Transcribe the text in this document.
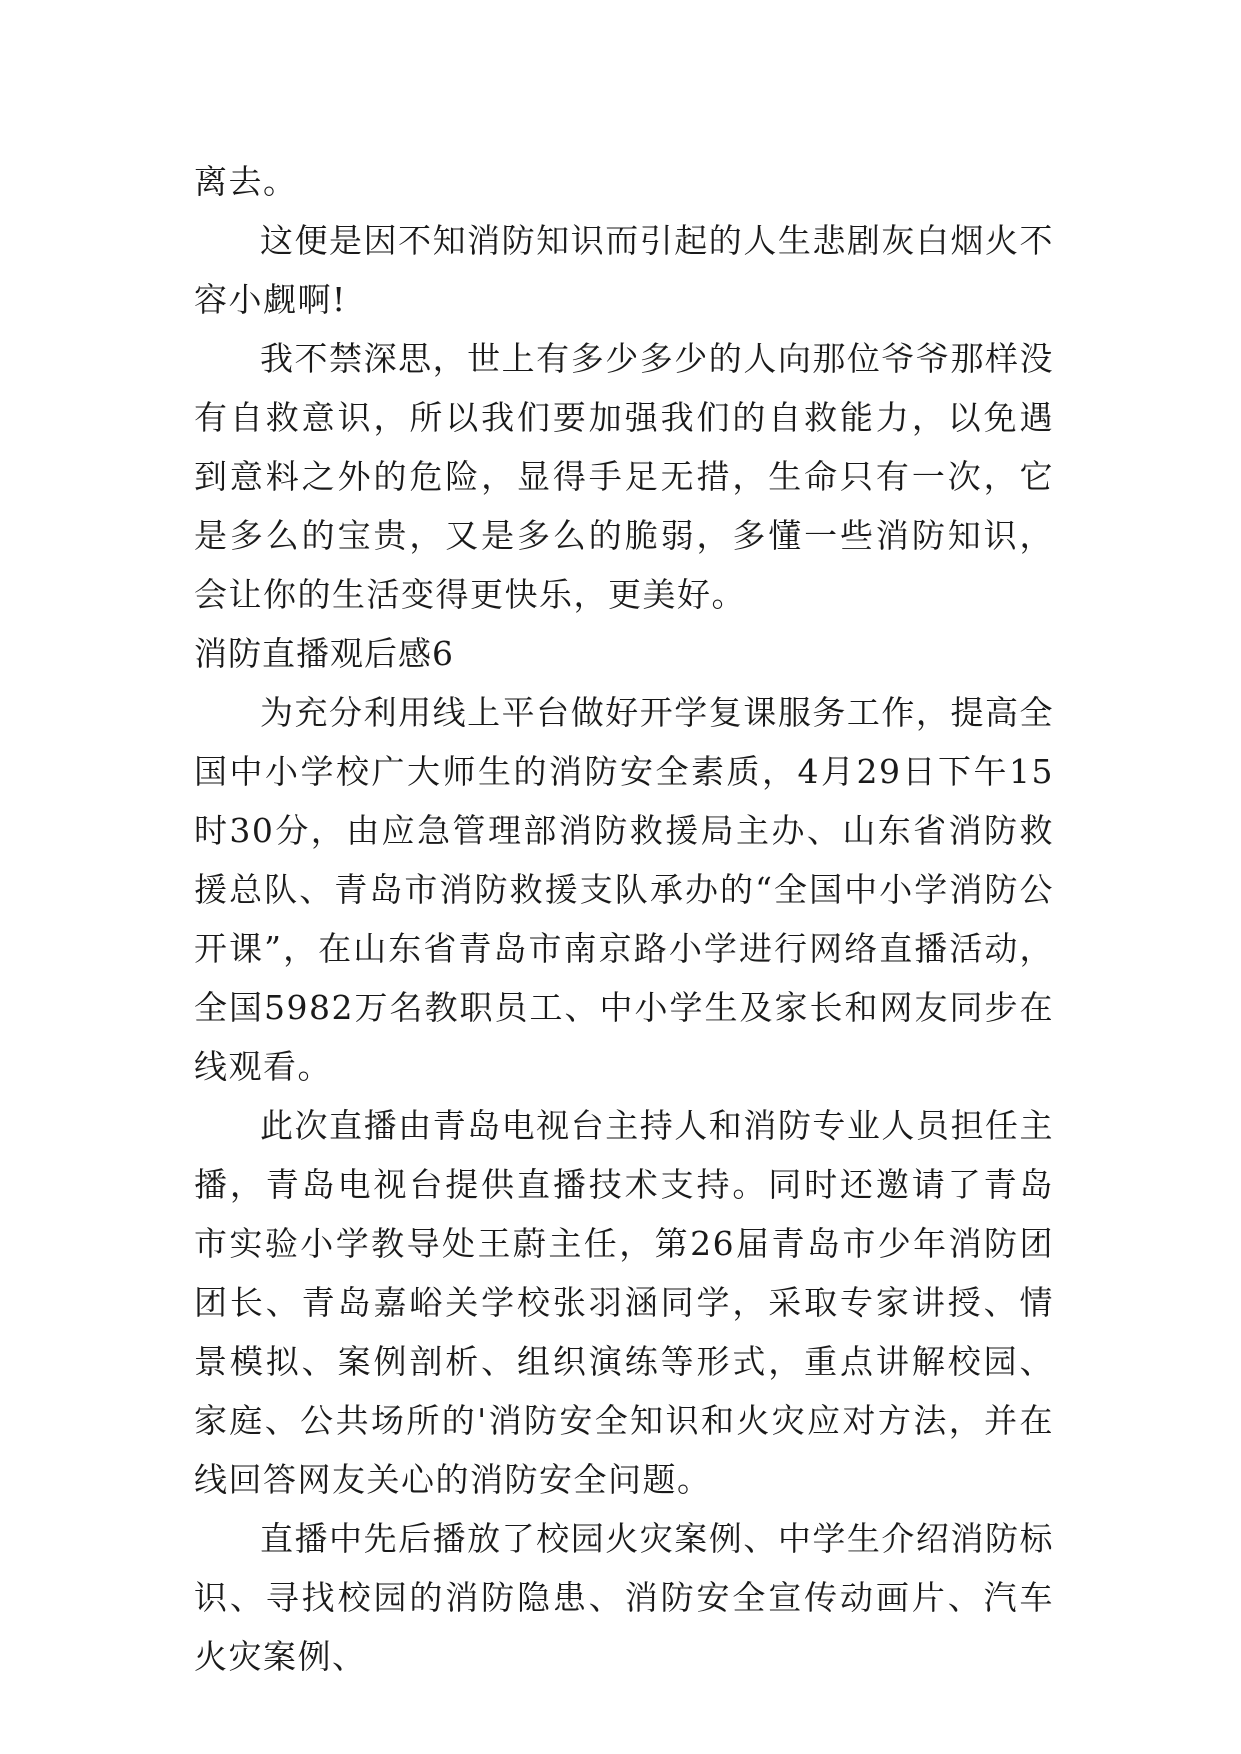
离去。

这便是因不知消防知识而引起的人生悲剧灰白烟火不容小觑啊!

我不禁深思，世上有多少多少的人向那位爷爷那样没有自救意识，所以我们要加强我们的自救能力，以免遇到意料之外的危险，显得手足无措，生命只有一次，它是多么的宝贵，又是多么的脆弱，多懂一些消防知识，会让你的生活变得更快乐，更美好。

消防直播观后感6

为充分利用线上平台做好开学复课服务工作，提高全国中小学校广大师生的消防安全素质，4月29日下午15时30分，由应急管理部消防救援局主办、山东省消防救援总队、青岛市消防救援支队承办的“全国中小学消防公开课”，在山东省青岛市南京路小学进行网络直播活动，全国5982万名教职员工、中小学生及家长和网友同步在线观看。

此次直播由青岛电视台主持人和消防专业人员担任主播，青岛电视台提供直播技术支持。同时还邀请了青岛市实验小学教导处王蔚主任，第26届青岛市少年消防团团长、青岛嘉峪关学校张羽涵同学，采取专家讲授、情景模拟、案例剖析、组织演练等形式，重点讲解校园、家庭、公共场所的'消防安全知识和火灾应对方法，并在线回答网友关心的消防安全问题。

直播中先后播放了校园火灾案例、中学生介绍消防标识、寻找校园的消防隐患、消防安全宣传动画片、汽车火灾案例、
